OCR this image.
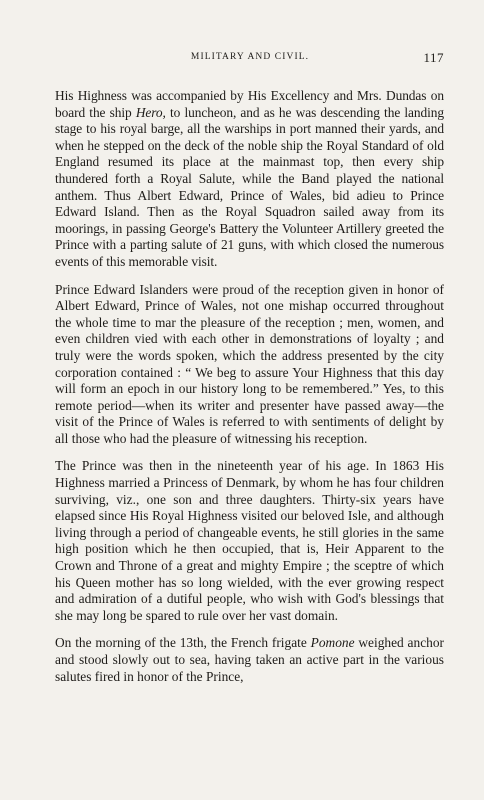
MILITARY AND CIVIL.	117

His Highness was accompanied by His Excellency and Mrs. Dundas on board the ship Hero, to luncheon, and as he was descending the landing stage to his royal barge, all the warships in port manned their yards, and when he stepped on the deck of the noble ship the Royal Standard of old England resumed its place at the mainmast top, then every ship thundered forth a Royal Salute, while the Band played the national anthem. Thus Albert Edward, Prince of Wales, bid adieu to Prince Edward Island. Then as the Royal Squadron sailed away from its moorings, in passing George's Battery the Volunteer Artillery greeted the Prince with a parting salute of 21 guns, with which closed the numerous events of this memorable visit.

Prince Edward Islanders were proud of the reception given in honor of Albert Edward, Prince of Wales, not one mishap occurred throughout the whole time to mar the pleasure of the reception ; men, women, and even children vied with each other in demonstrations of loyalty ; and truly were the words spoken, which the address presented by the city corporation contained : “ We beg to assure Your Highness that this day will form an epoch in our history long to be remembered.” Yes, to this remote period—when its writer and presenter have passed away—the visit of the Prince of Wales is referred to with sentiments of delight by all those who had the pleasure of witnessing his reception.

The Prince was then in the nineteenth year of his age. In 1863 His Highness married a Princess of Denmark, by whom he has four children surviving, viz., one son and three daughters. Thirty-six years have elapsed since His Royal Highness visited our beloved Isle, and although living through a period of changeable events, he still glories in the same high position which he then occupied, that is, Heir Apparent to the Crown and Throne of a great and mighty Empire ; the sceptre of which his Queen mother has so long wielded, with the ever growing respect and admiration of a dutiful people, who wish with God's blessings that she may long be spared to rule over her vast domain.

On the morning of the 13th, the French frigate Pomone weighed anchor and stood slowly out to sea, having taken an active part in the various salutes fired in honor of the Prince,
